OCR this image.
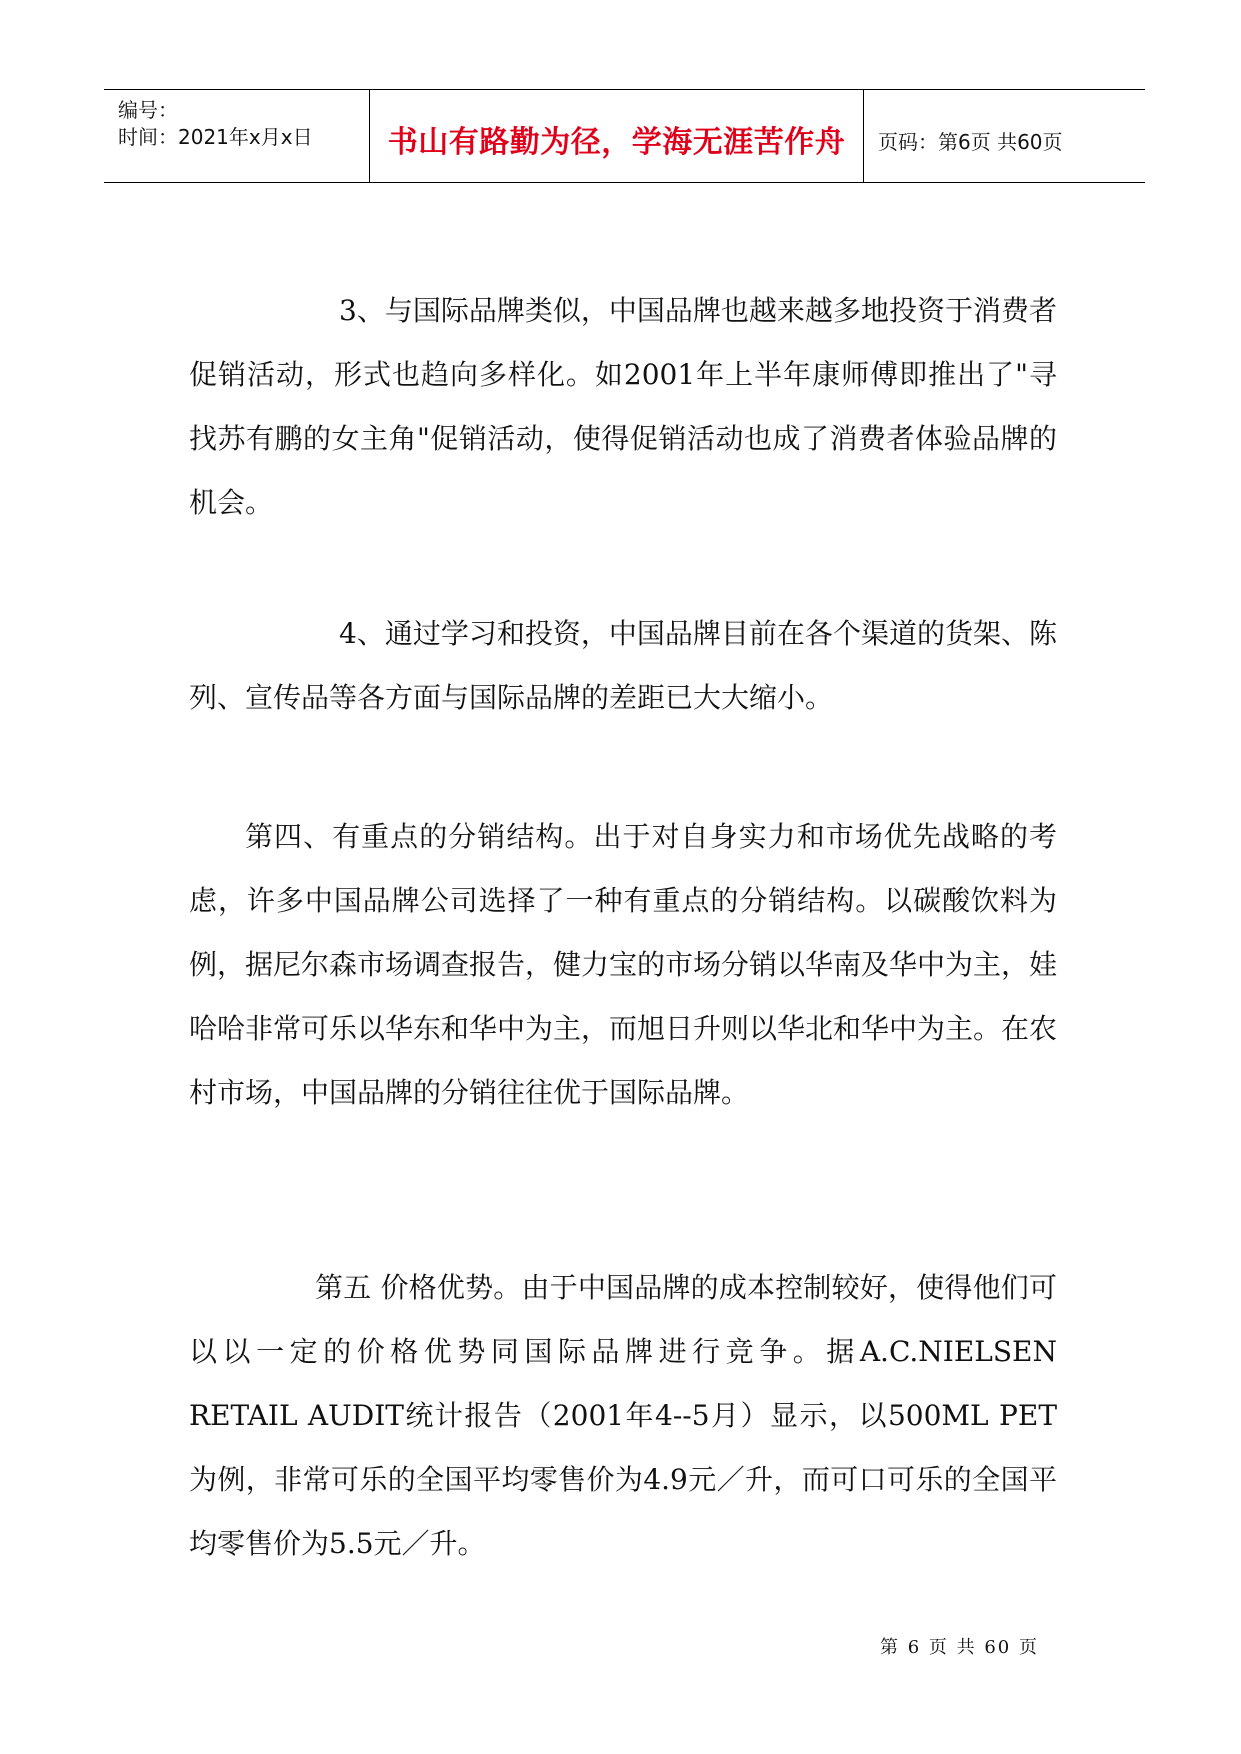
编号：
时间：2021年x月x日	书山有路勤为径，学海无涯苦作舟	页码：第6页 共60页

3、与国际品牌类似，中国品牌也越来越多地投资于消费者促销活动，形式也趋向多样化。如2001年上半年康师傅即推出了"寻找苏有鹏的女主角"促销活动，使得促销活动也成了消费者体验品牌的机会。

4、通过学习和投资，中国品牌目前在各个渠道的货架、陈列、宣传品等各方面与国际品牌的差距已大大缩小。

第四、有重点的分销结构。出于对自身实力和市场优先战略的考虑，许多中国品牌公司选择了一种有重点的分销结构。以碳酸饮料为例，据尼尔森市场调查报告，健力宝的市场分销以华南及华中为主，娃哈哈非常可乐以华东和华中为主，而旭日升则以华北和华中为主。在农村市场，中国品牌的分销往往优于国际品牌。

第五 价格优势。由于中国品牌的成本控制较好，使得他们可以以一定的价格优势同国际品牌进行竞争。据A.C.NIELSEN RETAIL AUDIT统计报告（2001年4--5月）显示，以500ML PET为例，非常可乐的全国平均零售价为4.9元／升，而可口可乐的全国平均零售价为5.5元／升。

第 6 页 共 60 页
